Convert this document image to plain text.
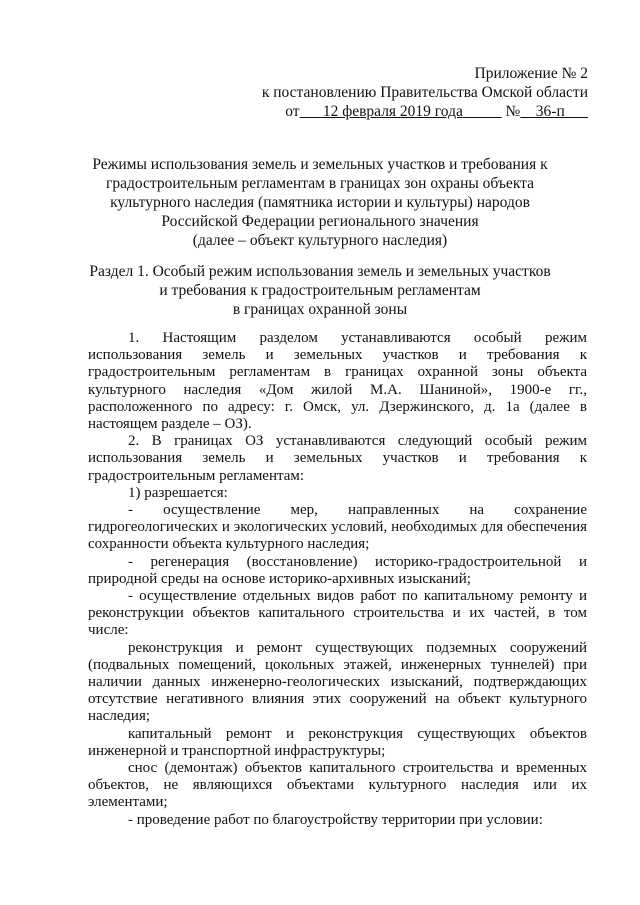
Приложение № 2
к постановлению Правительства Омской области
от 12 февраля 2019 года	№ 36-п
Режимы использования земель и земельных участков и требования к
градостроительным регламентам в границах зон охраны объекта
культурного наследия (памятника истории и культуры) народов
Российской Федерации регионального значения
(далее – объект культурного наследия)
Раздел 1. Особый режим использования земель и земельных участков
и требования к градостроительным регламентам
в границах охранной зоны

1. Настоящим разделом устанавливаются особый режим использования земель и земельных участков и требования к градостроительным регламентам в границах охранной зоны объекта культурного наследия «Дом жилой М.А. Шаниной», 1900-е гг., расположенного по адресу: г. Омск, ул. Дзержинского, д. 1а (далее в настоящем разделе – ОЗ).

2. В границах ОЗ устанавливаются следующий особый режим использования земель и земельных участков и требования к градостроительным регламентам:

1) разрешается:

- осуществление мер, направленных на сохранение гидрогеологических и экологических условий, необходимых для обеспечения сохранности объекта культурного наследия;

- регенерация (восстановление) историко-градостроительной и природной среды на основе историко-архивных изысканий;

- осуществление отдельных видов работ по капитальному ремонту и реконструкции объектов капитального строительства и их частей, в том числе:

реконструкция и ремонт существующих подземных сооружений (подвальных помещений, цокольных этажей, инженерных туннелей) при наличии данных инженерно-геологических изысканий, подтверждающих отсутствие негативного влияния этих сооружений на объект культурного наследия;

капитальный ремонт и реконструкция существующих объектов инженерной и транспортной инфраструктуры;

снос (демонтаж) объектов капитального строительства и временных объектов, не являющихся объектами культурного наследия или их элементами;

- проведение работ по благоустройству территории при условии:
